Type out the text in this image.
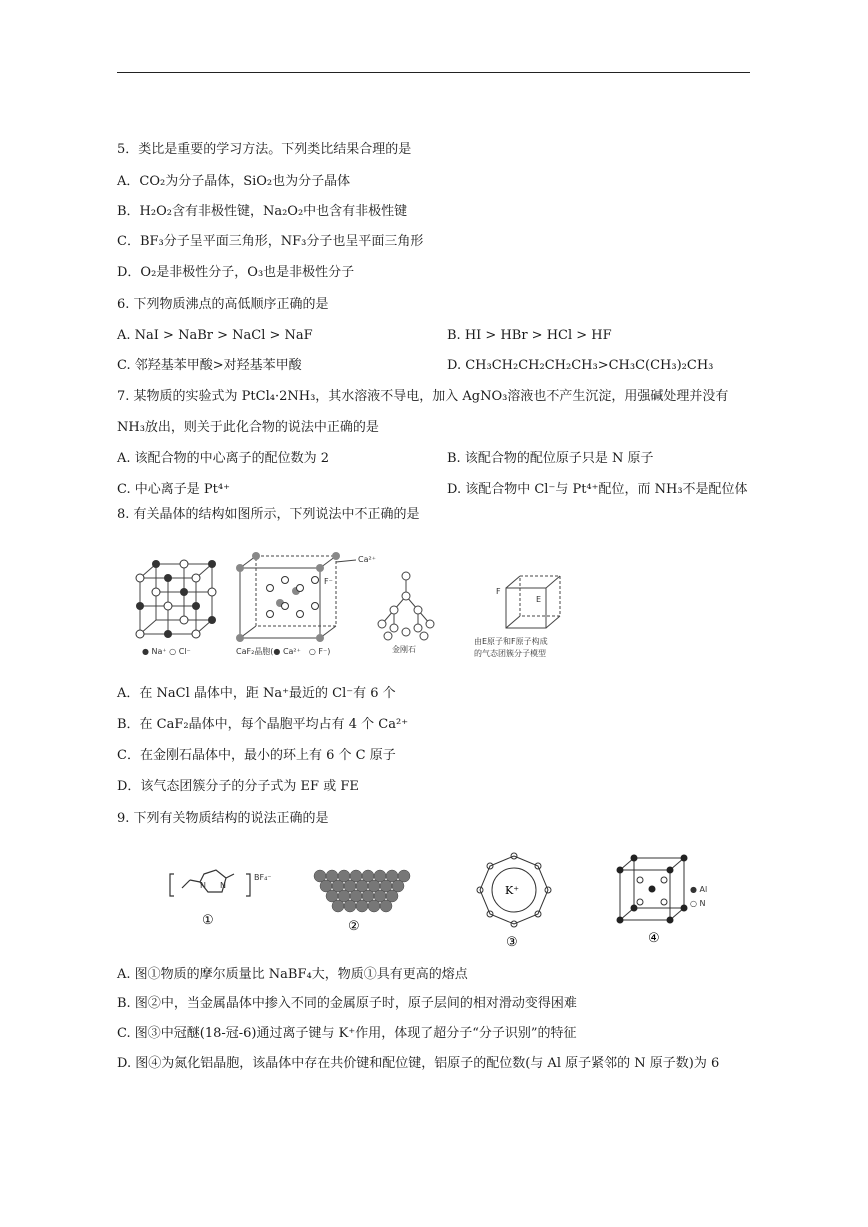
5．类比是重要的学习方法。下列类比结果合理的是
A．CO₂为分子晶体，SiO₂也为分子晶体
B．H₂O₂含有非极性键，Na₂O₂中也含有非极性键
C．BF₃分子呈平面三角形，NF₃分子也呈平面三角形
D．O₂是非极性分子，O₃也是非极性分子
6. 下列物质沸点的高低顺序正确的是
A. NaI > NaBr > NaCl > NaF	B. HI > HBr > HCl > HF
C. 邻羟基苯甲酸>对羟基苯甲酸	D. CH₃CH₂CH₂CH₂CH₃>CH₃C(CH₃)₂CH₃
7. 某物质的实验式为 PtCl₄·2NH₃，其水溶液不导电，加入 AgNO₃溶液也不产生沉淀，用强碱处理并没有
NH₃放出，则关于此化合物的说法中正确的是
A. 该配合物的中心离子的配位数为 2	B. 该配合物的配位原子只是 N 原子
C. 中心离子是 Pt⁴⁺	D. 该配合物中 Cl⁻与 Pt⁴⁺配位，而 NH₃不是配位体
8. 有关晶体的结构如图所示，下列说法中不正确的是
● Na⁺ ○ Cl⁻
Ca²⁺
F⁻
CaF₂晶胞(● Ca²⁺　○ F⁻)	金刚石
F
E
由E原子和F原子构成
的气态团簇分子模型
A．在 NaCl 晶体中，距 Na⁺最近的 Cl⁻有 6 个
B．在 CaF₂晶体中，每个晶胞平均占有 4 个 Ca²⁺
C．在金刚石晶体中，最小的环上有 6 个 C 原子
D．该气态团簇分子的分子式为 EF 或 FE
9. 下列有关物质结构的说法正确的是
N N
BF₄⁻
①	②
K⁺
③
● Al
○ N
④
A. 图①物质的摩尔质量比 NaBF₄大，物质①具有更高的熔点
B. 图②中，当金属晶体中掺入不同的金属原子时，原子层间的相对滑动变得困难
C. 图③中冠醚(18-冠-6)通过离子键与 K⁺作用，体现了超分子“分子识别”的特征
D. 图④为氮化铝晶胞，该晶体中存在共价键和配位键，铝原子的配位数(与 Al 原子紧邻的 N 原子数)为 6
